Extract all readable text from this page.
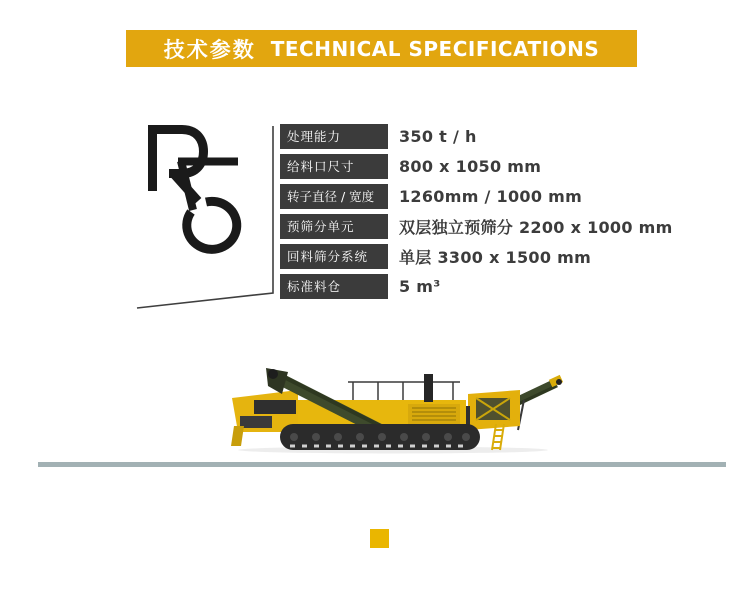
技术参数 TECHNICAL SPECIFICATIONS
处理能力	350 t / h
给料口尺寸	800 x 1050 mm
转子直径 / 宽度	1260mm / 1000 mm
预筛分单元	双层独立预筛分 2200 x 1000 mm
回料筛分系统	单层 3300 x 1500 mm
标准料仓	5 m³
